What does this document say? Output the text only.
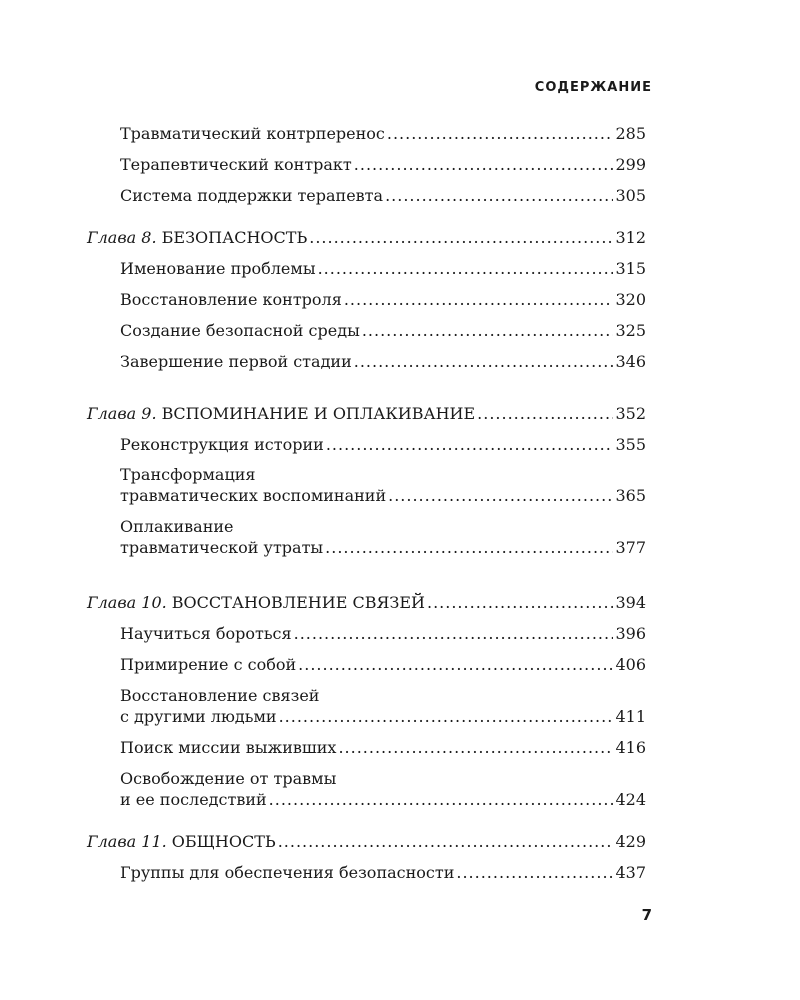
СОДЕРЖАНИЕ
Травматический контрперенос .....	285
Терапевтический контракт .....	299
Система поддержки терапевта .....	305
Глава 8. БЕЗОПАСНОСТЬ .....	312
Именование проблемы .....	315
Восстановление контроля .....	320
Создание безопасной среды .....	325
Завершение первой стадии .....	346
Глава 9. ВСПОМИНАНИЕ И ОПЛАКИВАНИЕ .....	352
Реконструкция истории .....	355
Трансформация
травматических воспоминаний .....	365
Оплакивание
травматической утраты .....	377
Глава 10. ВОССТАНОВЛЕНИЕ СВЯЗЕЙ .....	394
Научиться бороться .....	396
Примирение с собой .....	406
Восстановление связей
с другими людьми .....	411
Поиск миссии выживших .....	416
Освобождение от травмы
и ее последствий .....	424
Глава 11. ОБЩНОСТЬ .....	429
Группы для обеспечения безопасности .....	437
7
